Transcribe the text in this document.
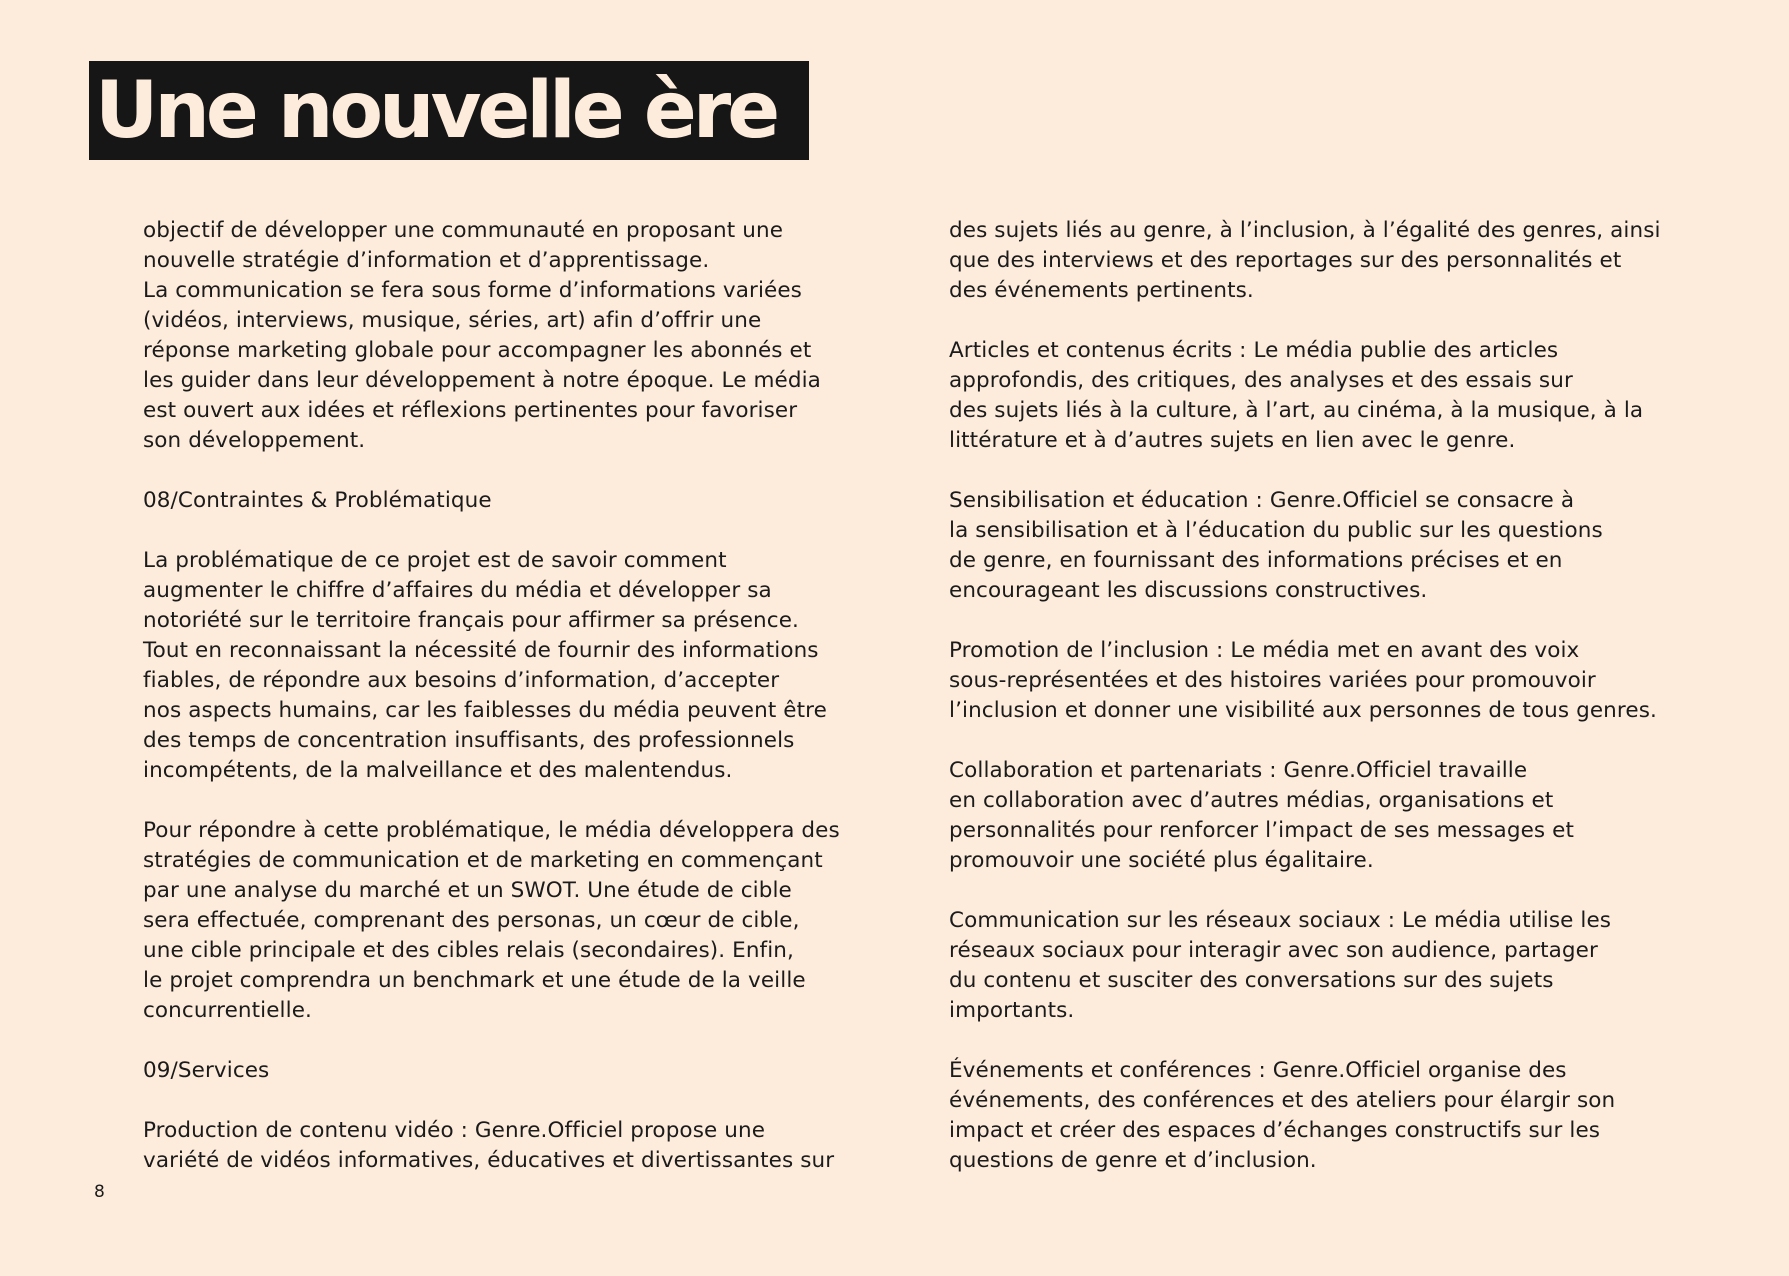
Une nouvelle ère
objectif de développer une communauté en proposant une
nouvelle stratégie d’information et d’apprentissage.
La communication se fera sous forme d’informations variées
(vidéos, interviews, musique, séries, art) afin d’offrir une
réponse marketing globale pour accompagner les abonnés et
les guider dans leur développement à notre époque. Le média
est ouvert aux idées et réflexions pertinentes pour favoriser
son développement.
08/Contraintes & Problématique
La problématique de ce projet est de savoir comment
augmenter le chiffre d’affaires du média et développer sa
notoriété sur le territoire français pour affirmer sa présence.
Tout en reconnaissant la nécessité de fournir des informations
fiables, de répondre aux besoins d’information, d’accepter
nos aspects humains, car les faiblesses du média peuvent être
des temps de concentration insuffisants, des professionnels
incompétents, de la malveillance et des malentendus.
Pour répondre à cette problématique, le média développera des
stratégies de communication et de marketing en commençant
par une analyse du marché et un SWOT. Une étude de cible
sera effectuée, comprenant des personas, un cœur de cible,
une cible principale et des cibles relais (secondaires). Enfin,
le projet comprendra un benchmark et une étude de la veille
concurrentielle.
09/Services
Production de contenu vidéo : Genre.Officiel propose une
variété de vidéos informatives, éducatives et divertissantes sur
des sujets liés au genre, à l’inclusion, à l’égalité des genres, ainsi
que des interviews et des reportages sur des personnalités et
des événements pertinents.
Articles et contenus écrits : Le média publie des articles
approfondis, des critiques, des analyses et des essais sur
des sujets liés à la culture, à l’art, au cinéma, à la musique, à la
littérature et à d’autres sujets en lien avec le genre.
Sensibilisation et éducation : Genre.Officiel se consacre à
la sensibilisation et à l’éducation du public sur les questions
de genre, en fournissant des informations précises et en
encourageant les discussions constructives.
Promotion de l’inclusion : Le média met en avant des voix
sous-représentées et des histoires variées pour promouvoir
l’inclusion et donner une visibilité aux personnes de tous genres.
Collaboration et partenariats : Genre.Officiel travaille
en collaboration avec d’autres médias, organisations et
personnalités pour renforcer l’impact de ses messages et
promouvoir une société plus égalitaire.
Communication sur les réseaux sociaux : Le média utilise les
réseaux sociaux pour interagir avec son audience, partager
du contenu et susciter des conversations sur des sujets
importants.
Événements et conférences : Genre.Officiel organise des
événements, des conférences et des ateliers pour élargir son
impact et créer des espaces d’échanges constructifs sur les
questions de genre et d’inclusion.
8
